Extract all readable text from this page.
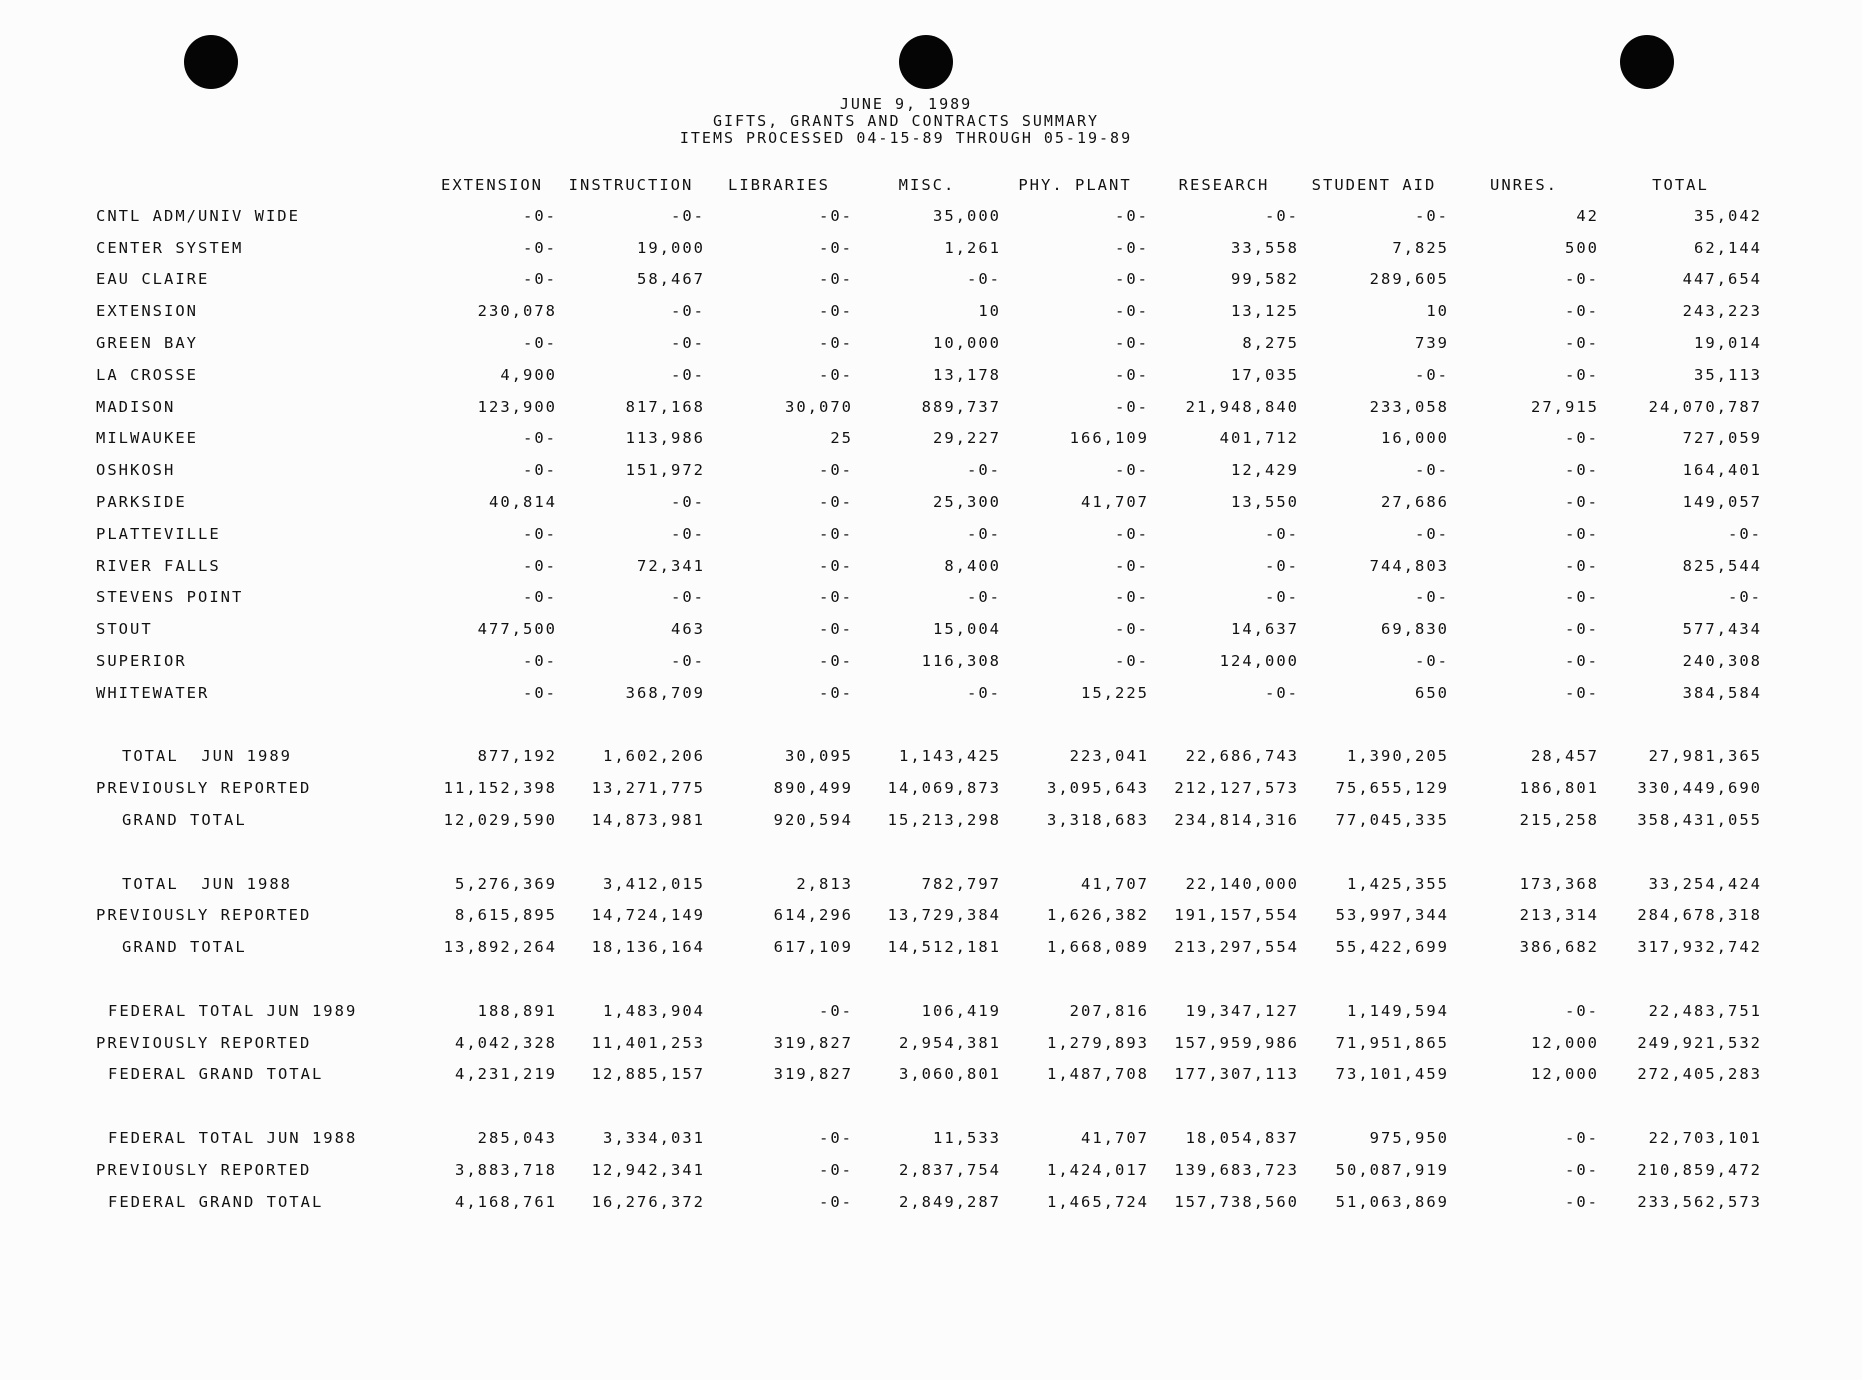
JUNE 9, 1989
GIFTS, GRANTS AND CONTRACTS SUMMARY
ITEMS PROCESSED 04-15-89 THROUGH 05-19-89
	EXTENSION	INSTRUCTION	LIBRARIES	MISC.	PHY. PLANT	RESEARCH	STUDENT AID	UNRES.	TOTAL
CNTL ADM/UNIV WIDE	-0-	-0-	-0-	35,000	-0-	-0-	-0-	42	35,042
CENTER SYSTEM	-0-	19,000	-0-	1,261	-0-	33,558	7,825	500	62,144
EAU CLAIRE	-0-	58,467	-0-	-0-	-0-	99,582	289,605	-0-	447,654
EXTENSION	230,078	-0-	-0-	10	-0-	13,125	10	-0-	243,223
GREEN BAY	-0-	-0-	-0-	10,000	-0-	8,275	739	-0-	19,014
LA CROSSE	4,900	-0-	-0-	13,178	-0-	17,035	-0-	-0-	35,113
MADISON	123,900	817,168	30,070	889,737	-0-	21,948,840	233,058	27,915	24,070,787
MILWAUKEE	-0-	113,986	25	29,227	166,109	401,712	16,000	-0-	727,059
OSHKOSH	-0-	151,972	-0-	-0-	-0-	12,429	-0-	-0-	164,401
PARKSIDE	40,814	-0-	-0-	25,300	41,707	13,550	27,686	-0-	149,057
PLATTEVILLE	-0-	-0-	-0-	-0-	-0-	-0-	-0-	-0-	-0-
RIVER FALLS	-0-	72,341	-0-	8,400	-0-	-0-	744,803	-0-	825,544
STEVENS POINT	-0-	-0-	-0-	-0-	-0-	-0-	-0-	-0-	-0-
STOUT	477,500	463	-0-	15,004	-0-	14,637	69,830	-0-	577,434
SUPERIOR	-0-	-0-	-0-	116,308	-0-	124,000	-0-	-0-	240,308
WHITEWATER	-0-	368,709	-0-	-0-	15,225	-0-	650	-0-	384,584

TOTAL  JUN 1989	877,192	1,602,206	30,095	1,143,425	223,041	22,686,743	1,390,205	28,457	27,981,365
PREVIOUSLY REPORTED	11,152,398	13,271,775	890,499	14,069,873	3,095,643	212,127,573	75,655,129	186,801	330,449,690
GRAND TOTAL	12,029,590	14,873,981	920,594	15,213,298	3,318,683	234,814,316	77,045,335	215,258	358,431,055

TOTAL  JUN 1988	5,276,369	3,412,015	2,813	782,797	41,707	22,140,000	1,425,355	173,368	33,254,424
PREVIOUSLY REPORTED	8,615,895	14,724,149	614,296	13,729,384	1,626,382	191,157,554	53,997,344	213,314	284,678,318
GRAND TOTAL	13,892,264	18,136,164	617,109	14,512,181	1,668,089	213,297,554	55,422,699	386,682	317,932,742

FEDERAL TOTAL JUN 1989	188,891	1,483,904	-0-	106,419	207,816	19,347,127	1,149,594	-0-	22,483,751
PREVIOUSLY REPORTED	4,042,328	11,401,253	319,827	2,954,381	1,279,893	157,959,986	71,951,865	12,000	249,921,532
FEDERAL GRAND TOTAL	4,231,219	12,885,157	319,827	3,060,801	1,487,708	177,307,113	73,101,459	12,000	272,405,283

FEDERAL TOTAL JUN 1988	285,043	3,334,031	-0-	11,533	41,707	18,054,837	975,950	-0-	22,703,101
PREVIOUSLY REPORTED	3,883,718	12,942,341	-0-	2,837,754	1,424,017	139,683,723	50,087,919	-0-	210,859,472
FEDERAL GRAND TOTAL	4,168,761	16,276,372	-0-	2,849,287	1,465,724	157,738,560	51,063,869	-0-	233,562,573
